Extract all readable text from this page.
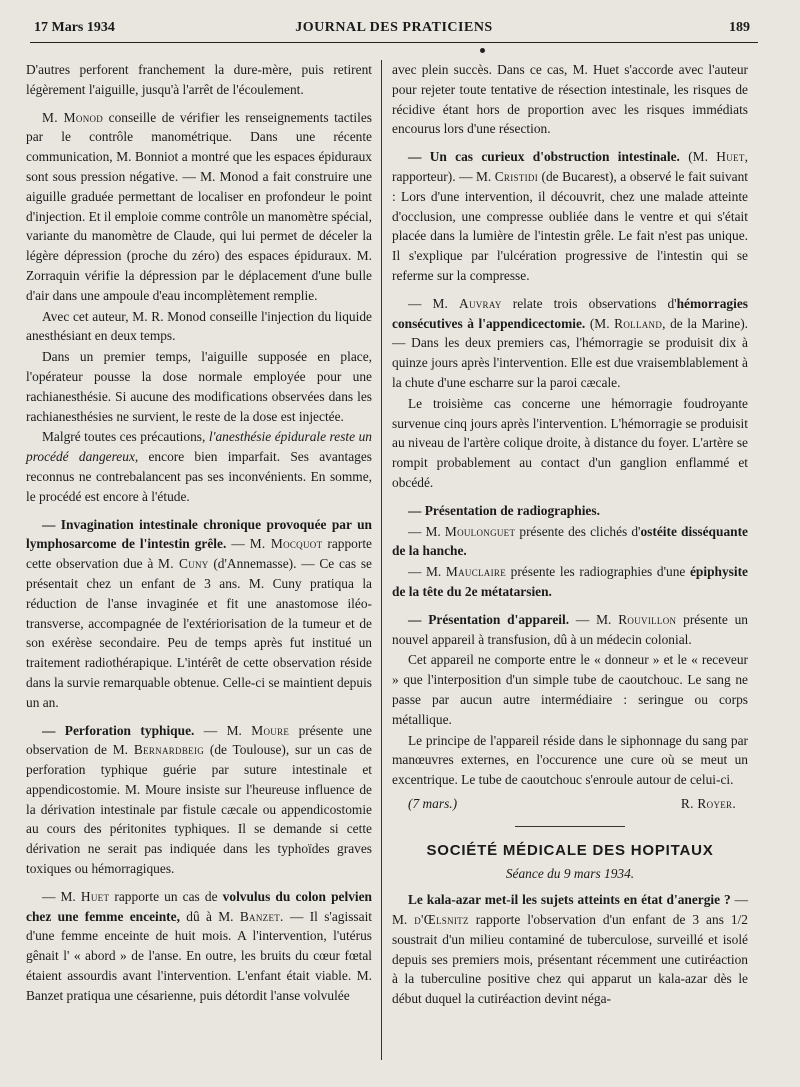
17 Mars 1934	JOURNAL DES PRATICIENS	189

D'autres perforent franchement la dure-mère, puis retirent légèrement l'aiguille, jusqu'à l'arrêt de l'écoulement.

M. Monod conseille de vérifier les renseignements tactiles par le contrôle manométrique. Dans une récente communication, M. Bonniot a montré que les espaces épiduraux sont sous pression négative. — M. Monod a fait construire une aiguille graduée permettant de localiser en profondeur le point d'injection. Et il emploie comme contrôle un manomètre spécial, variante du manomètre de Claude, qui lui permet de déceler la légère dépression (proche du zéro) des espaces épiduraux. M. Zorraquin vérifie la dépression par le déplacement d'une bulle d'air dans une ampoule d'eau incomplètement remplie.

Avec cet auteur, M. R. Monod conseille l'injection du liquide anesthésiant en deux temps.

Dans un premier temps, l'aiguille supposée en place, l'opérateur pousse la dose normale employée pour une rachianesthésie. Si aucune des modifications observées dans les rachianesthésies ne survient, le reste de la dose est injectée.

Malgré toutes ces précautions, l'anesthésie épidurale reste un procédé dangereux, encore bien imparfait. Ses avantages reconnus ne contrebalancent pas ses inconvénients. En somme, le procédé est encore à l'étude.

— Invagination intestinale chronique provoquée par un lymphosarcome de l'intestin grêle. — M. Mocquot rapporte cette observation due à M. Cuny (d'Annemasse). — Ce cas se présentait chez un enfant de 3 ans. M. Cuny pratiqua la réduction de l'anse invaginée et fit une anastomose iléo-transverse, accompagnée de l'extériorisation de la tumeur et de son exérèse secondaire. Peu de temps après fut institué un traitement radiothérapique. L'intérêt de cette observation réside dans la survie remarquable obtenue. Celle-ci se maintient depuis un an.

— Perforation typhique. — M. Moure présente une observation de M. Bernardbeig (de Toulouse), sur un cas de perforation typhique guérie par suture intestinale et appendicostomie. M. Moure insiste sur l'heureuse influence de la dérivation intestinale par fistule cæcale ou appendicostomie au cours des péritonites typhiques. Il se demande si cette dérivation ne serait pas indiquée dans les typhoïdes graves toxiques ou hémorragiques.

— M. Huet rapporte un cas de volvulus du colon pelvien chez une femme enceinte, dû à M. Banzet. — Il s'agissait d'une femme enceinte de huit mois. A l'intervention, l'utérus gênait l' « abord » de l'anse. En outre, les bruits du cœur fœtal étaient assourdis avant l'intervention. L'enfant était viable. M. Banzet pratiqua une césarienne, puis détordit l'anse volvulée

avec plein succès. Dans ce cas, M. Huet s'accorde avec l'auteur pour rejeter toute tentative de résection intestinale, les risques de récidive étant hors de proportion avec les risques immédiats encourus lors d'une résection.

— Un cas curieux d'obstruction intestinale. (M. Huet, rapporteur). — M. Cristidi (de Bucarest), a observé le fait suivant : Lors d'une intervention, il découvrit, chez une malade atteinte d'occlusion, une compresse oubliée dans le ventre et qui s'était placée dans la lumière de l'intestin grêle. Le fait n'est pas unique. Il s'explique par l'ulcération progressive de l'intestin qui se referme sur la compresse.

— M. Auvray relate trois observations d'hémorragies consécutives à l'appendicectomie. (M. Rolland, de la Marine). — Dans les deux premiers cas, l'hémorragie se produisit dix à quinze jours après l'intervention. Elle est due vraisemblablement à la chute d'une escharre sur la paroi cæcale.

Le troisième cas concerne une hémorragie foudroyante survenue cinq jours après l'intervention. L'hémorragie se produisit au niveau de l'artère colique droite, à distance du foyer. L'artère se rompit probablement au contact d'un ganglion enflammé et obcédé.

— Présentation de radiographies.

— M. Moulonguet présente des clichés d'ostéite disséquante de la hanche.

— M. Mauclaire présente les radiographies d'une épiphysite de la tête du 2e métatarsien.

— Présentation d'appareil. — M. Rouvillon présente un nouvel appareil à transfusion, dû à un médecin colonial.

Cet appareil ne comporte entre le « donneur » et le « receveur » que l'interposition d'un simple tube de caoutchouc. Le sang ne passe par aucun autre intermédiaire : seringue ou corps métallique.

Le principe de l'appareil réside dans le siphonnage du sang par manœuvres externes, en l'occurence une cure où se meut un excentrique. Le tube de caoutchouc s'enroule autour de celui-ci.

(7 mars.)	R. Royer.
SOCIÉTÉ MÉDICALE DES HOPITAUX
Séance du 9 mars 1934.

Le kala-azar met-il les sujets atteints en état d'anergie ? — M. d'Œlsnitz rapporte l'observation d'un enfant de 3 ans 1/2 soustrait d'un milieu contaminé de tuberculose, surveillé et isolé depuis ses premiers mois, présentant récemment une cutiréaction à la tuberculine positive chez qui apparut un kala-azar dès le début duquel la cutiréaction devint néga-
